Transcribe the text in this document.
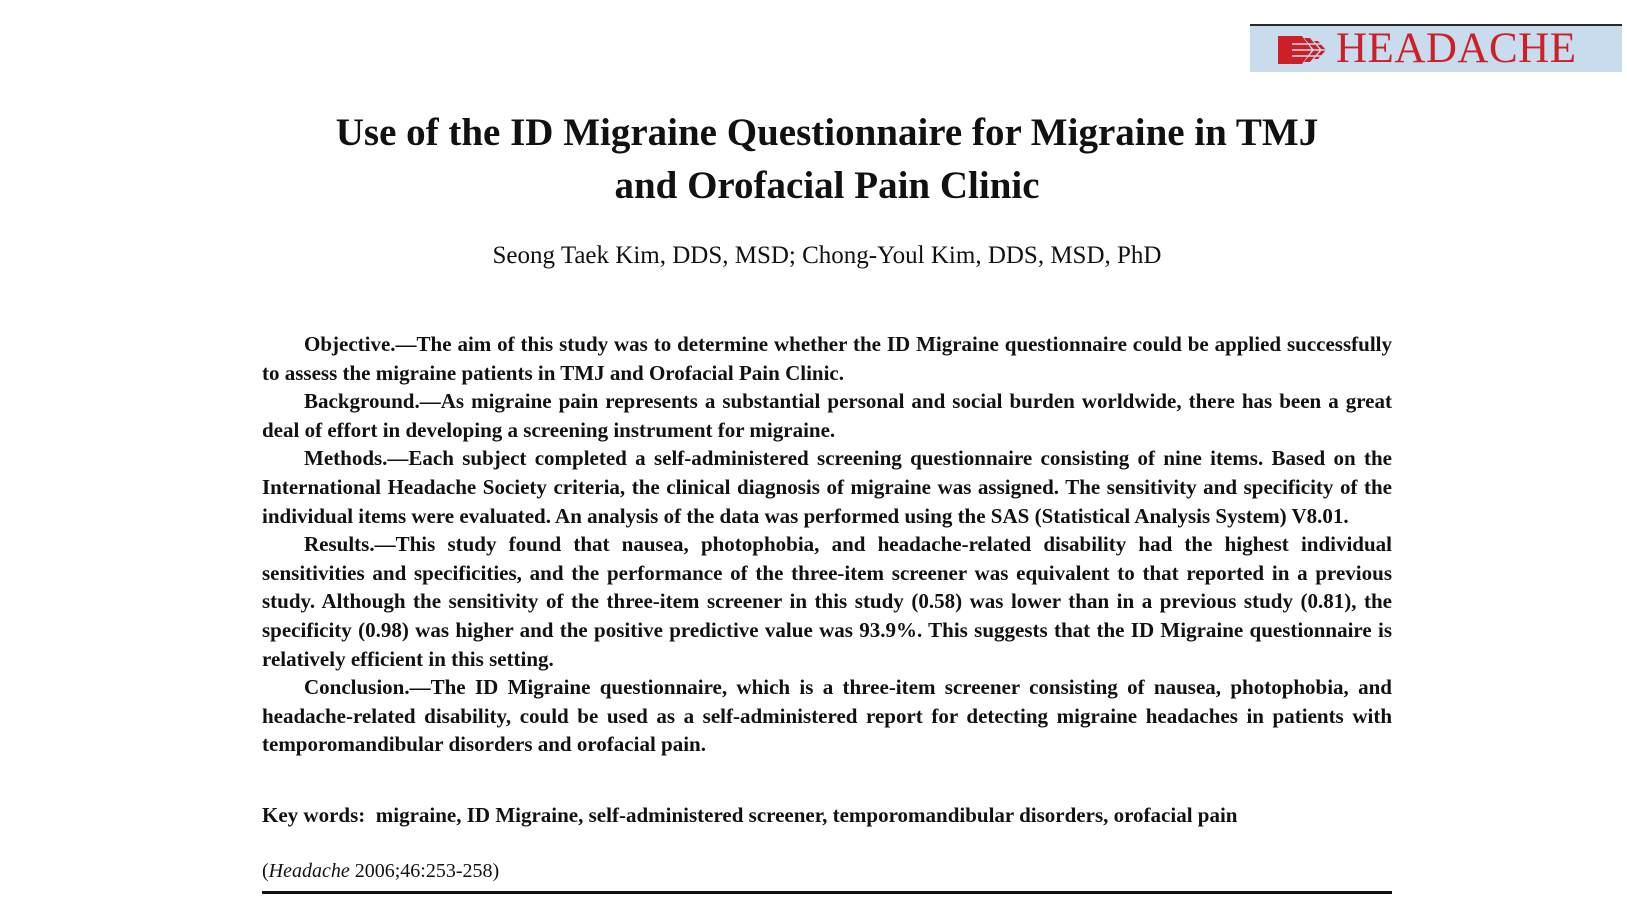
HEADACHE
Use of the ID Migraine Questionnaire for Migraine in TMJ
and Orofacial Pain Clinic
Seong Taek Kim, DDS, MSD; Chong-Youl Kim, DDS, MSD, PhD

Objective.—The aim of this study was to determine whether the ID Migraine questionnaire could be applied successfully to assess the migraine patients in TMJ and Orofacial Pain Clinic.

Background.—As migraine pain represents a substantial personal and social burden worldwide, there has been a great deal of effort in developing a screening instrument for migraine.

Methods.—Each subject completed a self-administered screening questionnaire consisting of nine items. Based on the International Headache Society criteria, the clinical diagnosis of migraine was assigned. The sensitivity and specificity of the individual items were evaluated. An analysis of the data was performed using the SAS (Statistical Analysis System) V8.01.

Results.—This study found that nausea, photophobia, and headache-related disability had the highest individual sensitivities and specificities, and the performance of the three-item screener was equivalent to that reported in a previous study. Although the sensitivity of the three-item screener in this study (0.58) was lower than in a previous study (0.81), the specificity (0.98) was higher and the positive predictive value was 93.9%. This suggests that the ID Migraine questionnaire is relatively efficient in this setting.

Conclusion.—The ID Migraine questionnaire, which is a three-item screener consisting of nausea, photophobia, and headache-related disability, could be used as a self-administered report for detecting migraine headaches in patients with temporomandibular disorders and orofacial pain.

Key words: migraine, ID Migraine, self-administered screener, temporomandibular disorders, orofacial pain
(Headache 2006;46:253-258)
